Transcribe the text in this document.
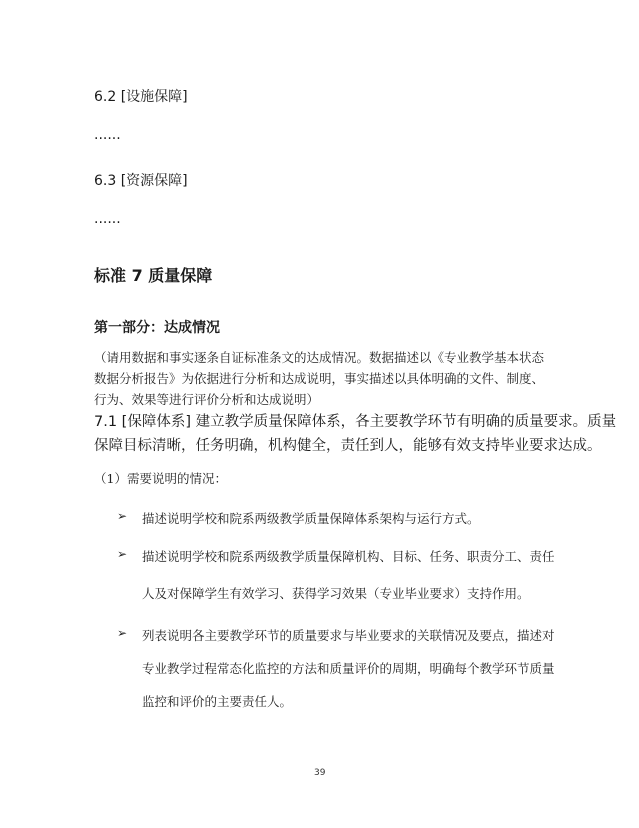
6.2 [设施保障]
......
6.3 [资源保障]
......
标准 7 质量保障
第一部分：达成情况
（请用数据和事实逐条自证标准条文的达成情况。数据描述以《专业教学基本状态
数据分析报告》为依据进行分析和达成说明，事实描述以具体明确的文件、制度、
行为、效果等进行评价分析和达成说明）
7.1 [保障体系] 建立教学质量保障体系，各主要教学环节有明确的质量要求。质量
保障目标清晰，任务明确，机构健全，责任到人，能够有效支持毕业要求达成。
（1）需要说明的情况：
➢ 描述说明学校和院系两级教学质量保障体系架构与运行方式。
➢ 描述说明学校和院系两级教学质量保障机构、目标、任务、职责分工、责任
人及对保障学生有效学习、获得学习效果（专业毕业要求）支持作用。
➢ 列表说明各主要教学环节的质量要求与毕业要求的关联情况及要点，描述对
专业教学过程常态化监控的方法和质量评价的周期，明确每个教学环节质量
监控和评价的主要责任人。
39
